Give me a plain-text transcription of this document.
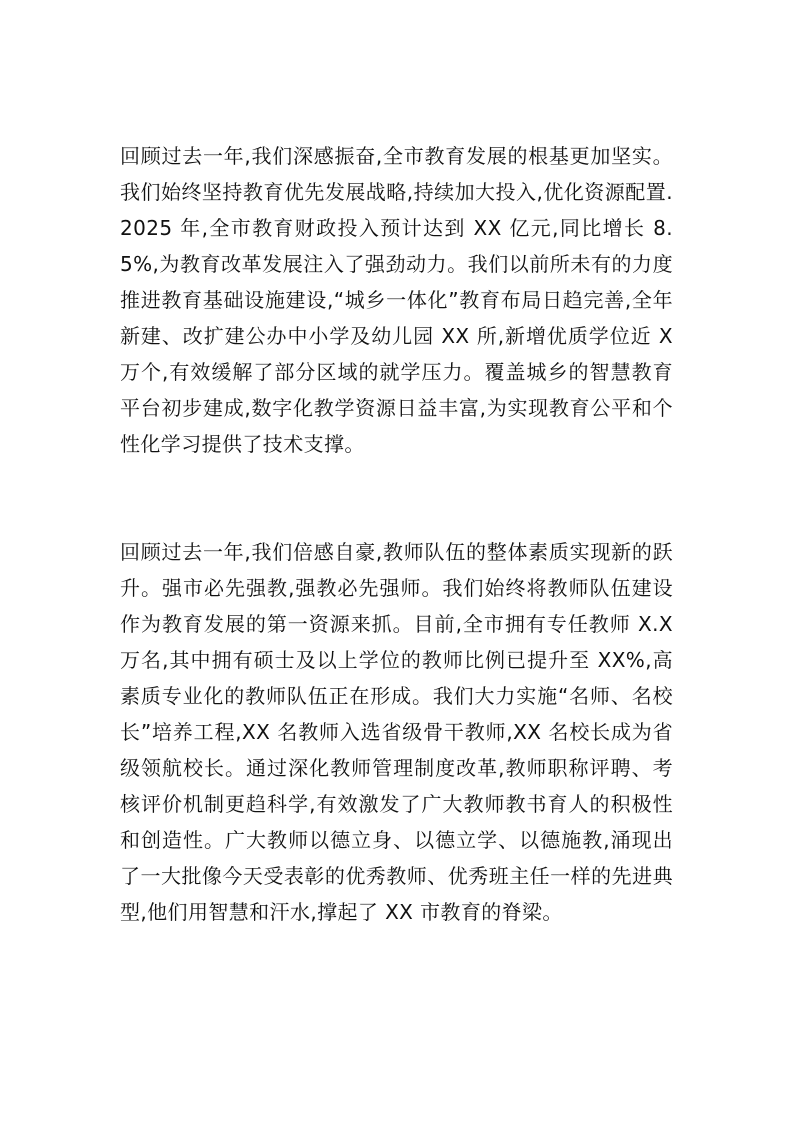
回顾过去一年,我们深感振奋,全市教育发展的根基更加坚实。我们始终坚持教育优先发展战略,持续加大投入,优化资源配置.2025 年,全市教育财政投入预计达到 XX 亿元,同比增长 8.5%,为教育改革发展注入了强劲动力。我们以前所未有的力度推进教育基础设施建设,“城乡一体化”教育布局日趋完善,全年新建、改扩建公办中小学及幼儿园 XX 所,新增优质学位近 X 万个,有效缓解了部分区域的就学压力。覆盖城乡的智慧教育平台初步建成,数字化教学资源日益丰富,为实现教育公平和个性化学习提供了技术支撑。

回顾过去一年,我们倍感自豪,教师队伍的整体素质实现新的跃升。强市必先强教,强教必先强师。我们始终将教师队伍建设作为教育发展的第一资源来抓。目前,全市拥有专任教师 X.X 万名,其中拥有硕士及以上学位的教师比例已提升至 XX%,高素质专业化的教师队伍正在形成。我们大力实施“名师、名校长”培养工程,XX 名教师入选省级骨干教师,XX 名校长成为省级领航校长。通过深化教师管理制度改革,教师职称评聘、考核评价机制更趋科学,有效激发了广大教师教书育人的积极性和创造性。广大教师以德立身、以德立学、以德施教,涌现出了一大批像今天受表彰的优秀教师、优秀班主任一样的先进典型,他们用智慧和汗水,撑起了 XX 市教育的脊梁。
